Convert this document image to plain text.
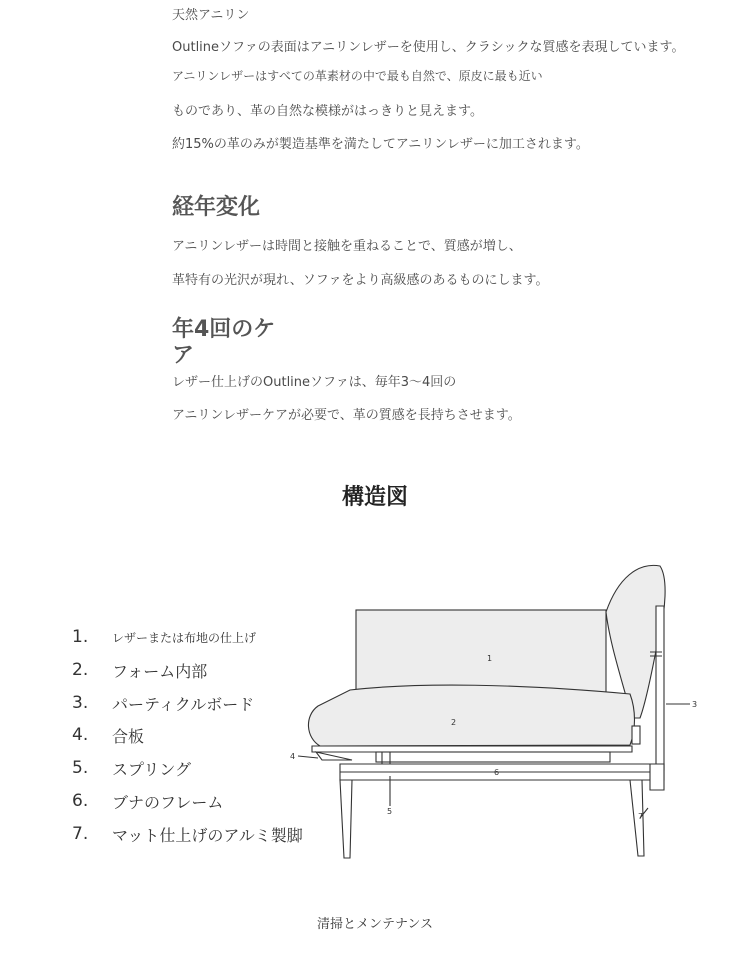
天然アニリン
Outlineソファの表面はアニリンレザーを使用し、クラシックな質感を表現しています。
アニリンレザーはすべての革素材の中で最も自然で、原皮に最も近い
ものであり、革の自然な模様がはっきりと見えます。
約15%の革のみが製造基準を満たしてアニリンレザーに加工されます。
経年変化
アニリンレザーは時間と接触を重ねることで、質感が増し、
革特有の光沢が現れ、ソファをより高級感のあるものにします。
年4回のケ
ア
レザー仕上げのOutlineソファは、毎年3〜4回の
アニリンレザーケアが必要で、革の質感を長持ちさせます。
構造図
1.	レザーまたは布地の仕上げ
2.	フォーム内部
3.	パーティクルボード
4.	合板
5.	スプリング
6.	ブナのフレーム
7.	マット仕上げのアルミ製脚
1
2
3
4
5
6
7
清掃とメンテナンス
